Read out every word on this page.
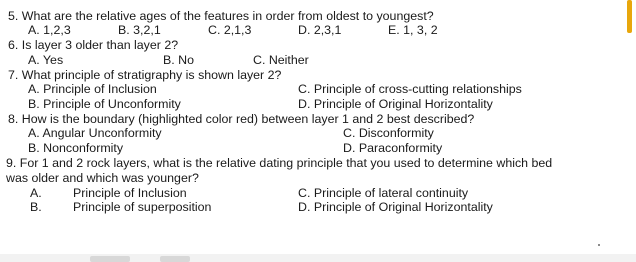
5. What are the relative ages of the features in order from oldest to youngest?
A. 1,2,3	B. 3,2,1	C. 2,1,3	D. 2,3,1	E. 1, 3, 2
6. Is layer 3 older than layer 2?
A. Yes	B. No	C. Neither
7. What principle of stratigraphy is shown layer 2?
A. Principle of Inclusion	C. Principle of cross-cutting relationships
B. Principle of Unconformity	D. Principle of Original Horizontality
8. How is the boundary (highlighted color red) between layer 1 and 2 best described?
A. Angular Unconformity	C. Disconformity
B. Nonconformity	D. Paraconformity
9. For 1 and 2 rock layers, what is the relative dating principle that you used to determine which bed
was older and which was younger?
A.	Principle of Inclusion	C. Principle of lateral continuity
B.	Principle of superposition	D. Principle of Original Horizontality
